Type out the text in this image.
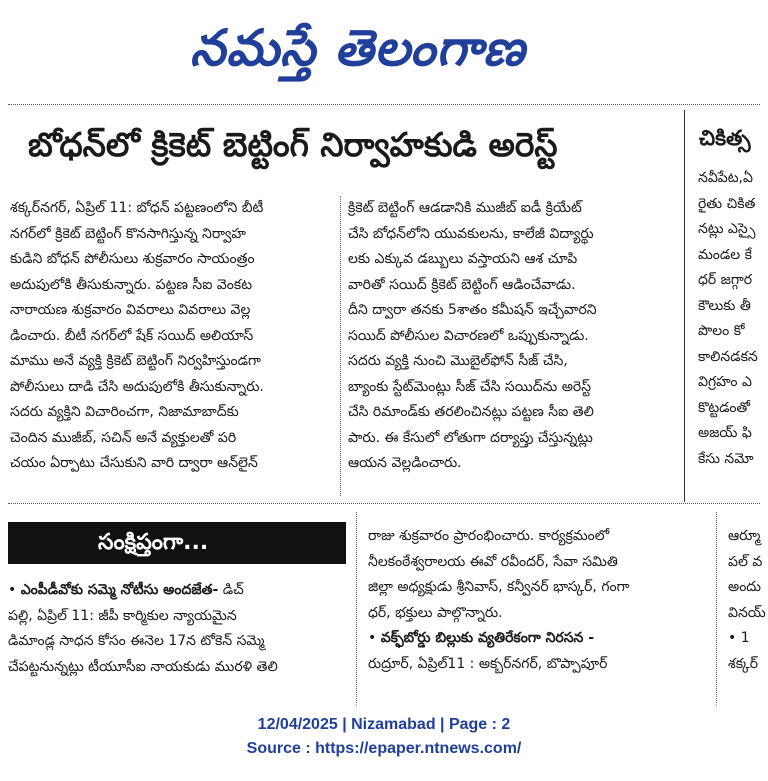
నమస్తే తెలంగాణ
బోధన్‌లో క్రికెట్ బెట్టింగ్ నిర్వాహకుడి అరెస్ట్	చికిత్స
శక్కర్‌నగర్, ఏప్రిల్ 11: బోధన్ పట్టణంలోని బీటీ
నగర్‌లో క్రికెట్ బెట్టింగ్ కొనసాగిస్తున్న నిర్వాహ
కుడిని బోధన్ పోలీసులు శుక్రవారం సాయంత్రం
అదుపులోకి తీసుకున్నారు. పట్టణ సీఐ వెంకట
నారాయణ శుక్రవారం వివరాలు వివరాలు వెల్ల
డించారు. బీటీ నగర్‌లో షేక్ సయిద్ అలియాస్
మాము అనే వ్యక్తి క్రికెట్ బెట్టింగ్ నిర్వహిస్తుండగా
పోలీసులు దాడి చేసి అదుపులోకి తీసుకున్నారు.
సదరు వ్యక్తిని విచారించగా, నిజామాబాద్‌కు
చెందిన ముజీబ్, సచిన్ అనే వ్యక్తులతో పరి
చయం ఏర్పాటు చేసుకుని వారి ద్వారా ఆన్‌లైన్
క్రికెట్ బెట్టింగ్ ఆడడానికి ముజీబ్ ఐడీ క్రియేట్
చేసి బోధన్‌లోని యువకులను, కాలేజీ విద్యార్థు
లకు ఎక్కువ డబ్బులు వస్తాయని ఆశ చూపి
వారితో సయిద్ క్రికెట్ బెట్టింగ్ ఆడించేవాడు.
దీని ద్వారా తనకు 5శాతం కమీషన్ ఇచ్చేవారని
సయిద్ పోలీసుల విచారణలో ఒప్పుకున్నాడు.
సదరు వ్యక్తి నుంచి మొబైల్‌ఫోన్ సీజ్ చేసి,
బ్యాంకు స్టేట్‌మెంట్లు సీజ్ చేసి సయిద్‌ను అరెస్ట్
చేసి రిమాండ్‌కు తరలించినట్లు పట్టణ సీఐ తెలి
పారు. ఈ కేసులో లోతుగా దర్యాప్తు చేస్తున్నట్లు
ఆయన వెల్లడించారు.
నవీపేట,ఏ
రైతు చికిత
నట్లు ఎస్సై
మండల కే
ధర్ జగ్గార
కౌలుకు తీ
పొలం కో
కాలినడకన
విగ్రహం ఎ
కొట్టడంతో
అజయ్ ఫి
కేసు నమో
సంక్షిప్తంగా...
• ఎంపీడీవోకు సమ్మె నోటీసు అందజేత- డిచ్
పల్లి, ఏప్రిల్ 11: జీపీ కార్మికుల న్యాయమైన
డిమాండ్ల సాధన కోసం ఈనెల 17న టోకెన్ సమ్మె
చేపట్టనున్నట్లు టీయూసీఐ నాయకుడు మురళి తెలి
రాజు శుక్రవారం ప్రారంభించారు. కార్యక్రమంలో
నీలకంఠేశ్వరాలయ ఈవో రవీందర్, సేవా సమితి
జిల్లా అధ్యక్షుడు శ్రీనివాస్, కన్వీనర్ భాస్కర్, గంగా
ధర్, భక్తులు పాల్గొన్నారు.
• వక్ఫ్‌బోర్డు బిల్లుకు వ్యతిరేకంగా నిరసన -
రుద్రూర్, ఏప్రిల్11 : అక్బర్‌నగర్, బొప్పాపూర్
ఆర్మూ
పల్ వ
అందు
వినయ్
• 1
శక్కర్
12/04/2025 | Nizamabad | Page : 2
Source : https://epaper.ntnews.com/
